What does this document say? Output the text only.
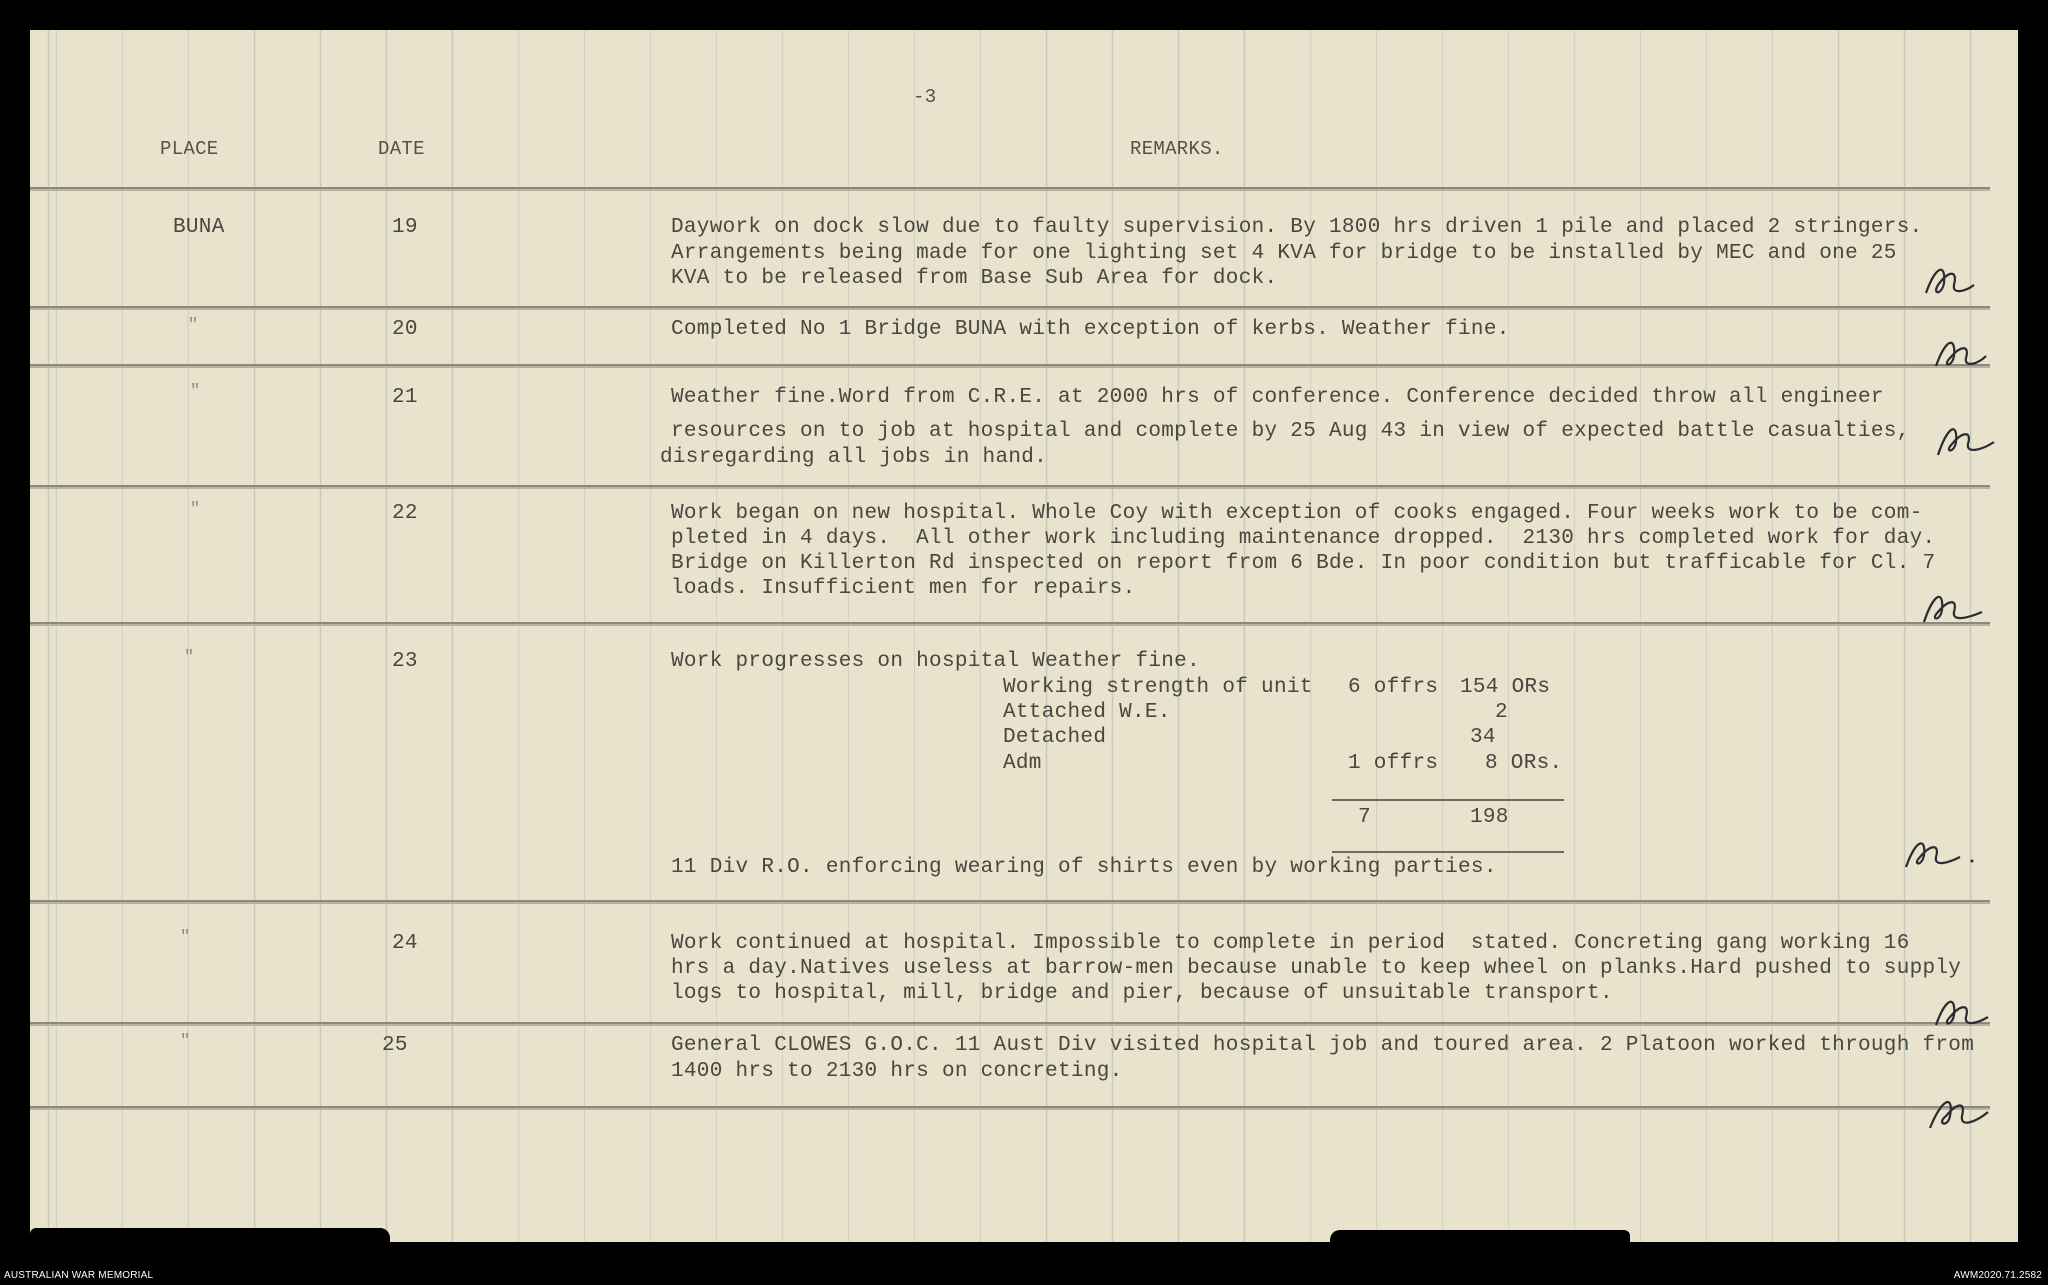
-3
PLACE	DATE	REMARKS.
BUNA	19	Daywork on dock slow due to faulty supervision. By 1800 hrs driven 1 pile and placed 2 stringers.
Arrangements being made for one lighting set 4 KVA for bridge to be installed by MEC and one 25
KVA to be released from Base Sub Area for dock.
"	20	Completed No 1 Bridge BUNA with exception of kerbs. Weather fine.
"	21	Weather fine.Word from C.R.E. at 2000 hrs of conference. Conference decided throw all engineer
resources on to job at hospital and complete by 25 Aug 43 in view of expected battle casualties,
disregarding all jobs in hand.
"	22	Work began on new hospital. Whole Coy with exception of cooks engaged. Four weeks work to be com-
pleted in 4 days.  All other work including maintenance dropped.  2130 hrs completed work for day.
Bridge on Killerton Rd inspected on report from 6 Bde. In poor condition but trafficable for Cl. 7
loads. Insufficient men for repairs.
"	23	Work progresses on hospital Weather fine.
Working strength of unit 6 offrs 154 ORs
Attached W.E.	2
Detached	34
Adm	1 offrs 8 ORs.
7	198
11 Div R.O. enforcing wearing of shirts even by working parties.
"	24	Work continued at hospital. Impossible to complete in period  stated. Concreting gang working 16
hrs a day.Natives useless at barrow-men because unable to keep wheel on planks.Hard pushed to supply
logs to hospital, mill, bridge and pier, because of unsuitable transport.
"	25	General CLOWES G.O.C. 11 Aust Div visited hospital job and toured area. 2 Platoon worked through from
1400 hrs to 2130 hrs on concreting.
AUSTRALIAN WAR MEMORIAL	AWM2020.71.2582
